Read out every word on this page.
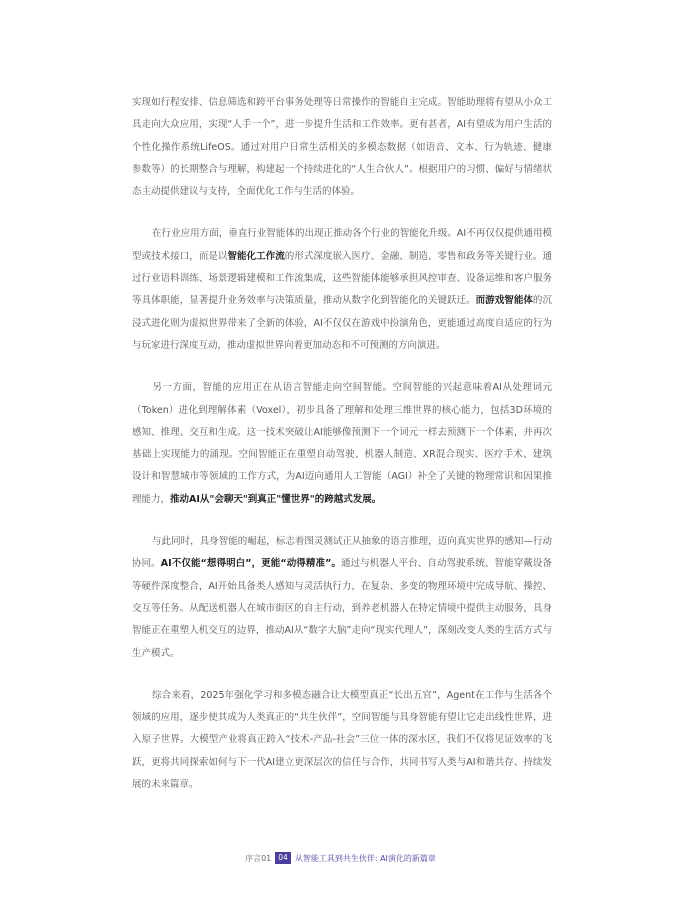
实现如行程安排、信息筛选和跨平台事务处理等日常操作的智能自主完成。智能助理将有望从小众工具走向大众应用，实现“人手一个”，进一步提升生活和工作效率。更有甚者，AI有望成为用户生活的个性化操作系统LifeOS。通过对用户日常生活相关的多模态数据（如语音、文本、行为轨迹、健康参数等）的长期整合与理解，构建起一个持续进化的“人生合伙人”。根据用户的习惯、偏好与情绪状态主动提供建议与支持，全面优化工作与生活的体验。

在行业应用方面，垂直行业智能体的出现正推动各个行业的智能化升级。AI不再仅仅提供通用模型或技术接口，而是以智能化工作流的形式深度嵌入医疗、金融、制造、零售和政务等关键行业。通过行业语料训练、场景逻辑建模和工作流集成，这些智能体能够承担风控审查、设备运维和客户服务等具体职能，显著提升业务效率与决策质量，推动从数字化到智能化的关键跃迁。而游戏智能体的沉浸式进化则为虚拟世界带来了全新的体验，AI不仅仅在游戏中扮演角色，更能通过高度自适应的行为与玩家进行深度互动，推动虚拟世界向着更加动态和不可预测的方向演进。

另一方面，智能的应用正在从语言智能走向空间智能。空间智能的兴起意味着AI从处理词元（Token）进化到理解体素（Voxel），初步具备了理解和处理三维世界的核心能力，包括3D环境的感知、推理、交互和生成。这一技术突破让AI能够像预测下一个词元一样去预测下一个体素，并再次基础上实现能力的涌现。空间智能正在重塑自动驾驶、机器人制造、XR混合现实、医疗手术、建筑设计和智慧城市等领域的工作方式，为AI迈向通用人工智能（AGI）补全了关键的物理常识和因果推理能力，推动AI从"会聊天"到真正"懂世界"的跨越式发展。

与此同时，具身智能的崛起，标志着图灵测试正从抽象的语言推理，迈向真实世界的感知—行动协同。AI不仅能“想得明白”，更能“动得精准”。通过与机器人平台、自动驾驶系统、智能穿戴设备等硬件深度整合，AI开始具备类人感知与灵活执行力，在复杂、多变的物理环境中完成导航、操控、交互等任务。从配送机器人在城市街区的自主行动，到养老机器人在特定情境中提供主动服务，具身智能正在重塑人机交互的边界，推动AI从“数字大脑”走向“现实代理人”，深刻改变人类的生活方式与生产模式。

综合来看，2025年强化学习和多模态融合让大模型真正“长出五官”，Agent在工作与生活各个领域的应用，逐步使其成为人类真正的“共生伙伴”，空间智能与具身智能有望让它走出线性世界，进入原子世界。大模型产业将真正跨入“技术-产品-社会”三位一体的深水区，我们不仅将见证效率的飞跃，更将共同探索如何与下一代AI建立更深层次的信任与合作，共同书写人类与AI和谐共存、持续发展的未来篇章。

序言01 04 从智能工具到共生伙伴: AI演化的新篇章
